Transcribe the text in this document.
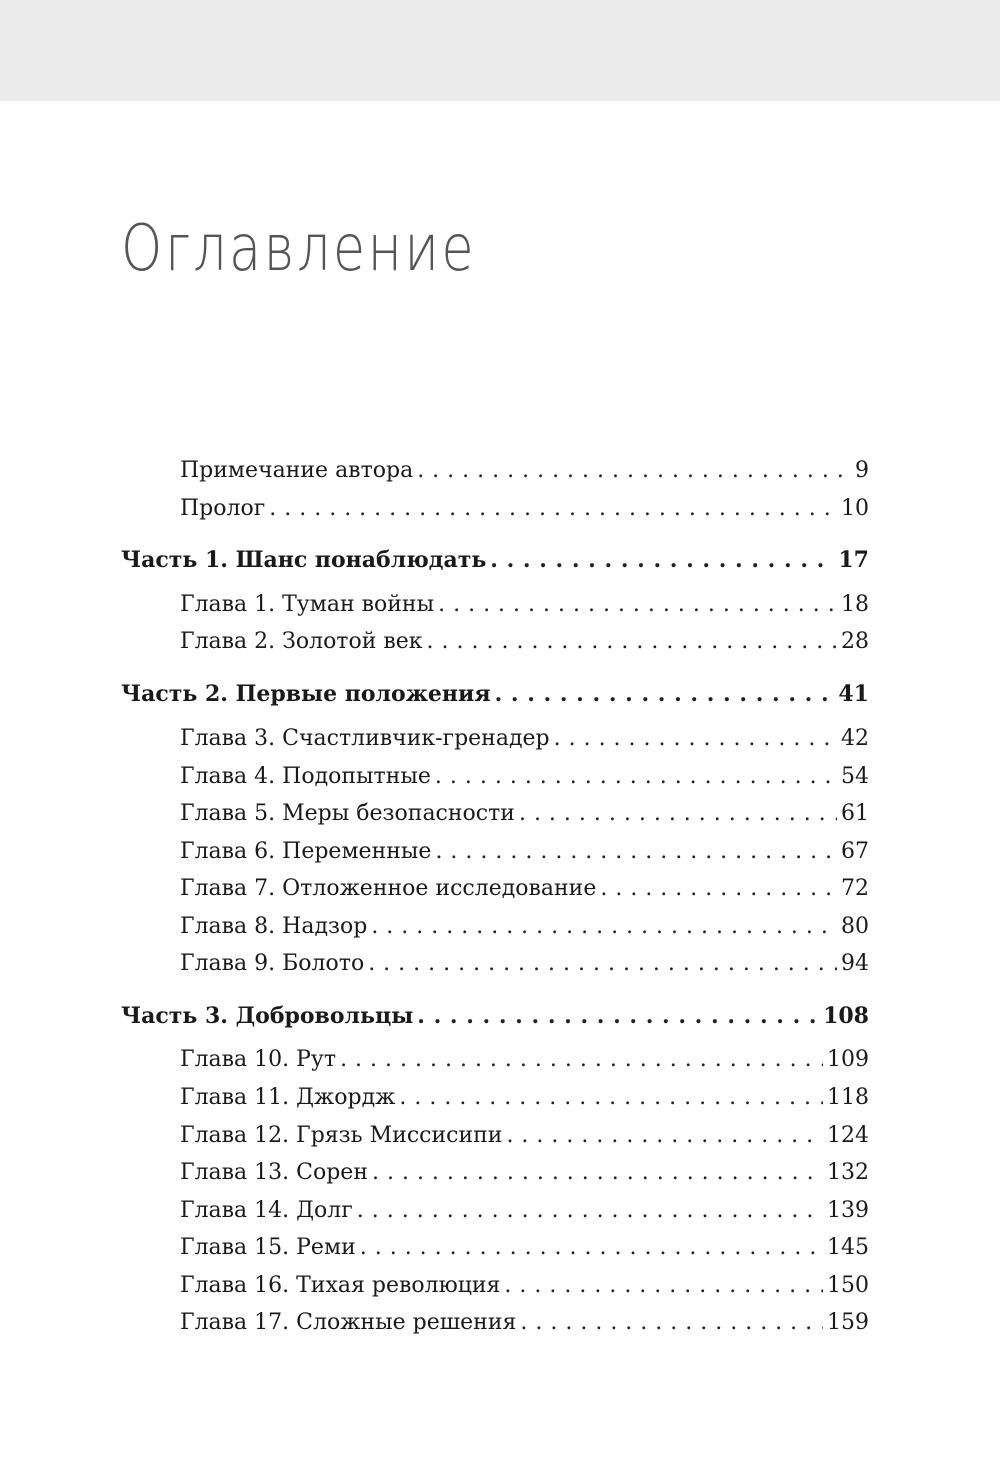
Оглавление
Примечание автора . . .	9
Пролог . . .	10
Часть 1. Шанс понаблюдать . . .	17
Глава 1. Туман войны . . .	18
Глава 2. Золотой век . . .	28
Часть 2. Первые положения . . .	41
Глава 3. Счастливчик-гренадер . . .	42
Глава 4. Подопытные . . .	54
Глава 5. Меры безопасности . . .	61
Глава 6. Переменные . . .	67
Глава 7. Отложенное исследование . . .	72
Глава 8. Надзор . . .	80
Глава 9. Болото . . .	94
Часть 3. Добровольцы . . .	108
Глава 10. Рут . . .	109
Глава 11. Джордж . . .	118
Глава 12. Грязь Миссисипи . . .	124
Глава 13. Сорен . . .	132
Глава 14. Долг . . .	139
Глава 15. Реми . . .	145
Глава 16. Тихая революция . . .	150
Глава 17. Сложные решения . . .	159
